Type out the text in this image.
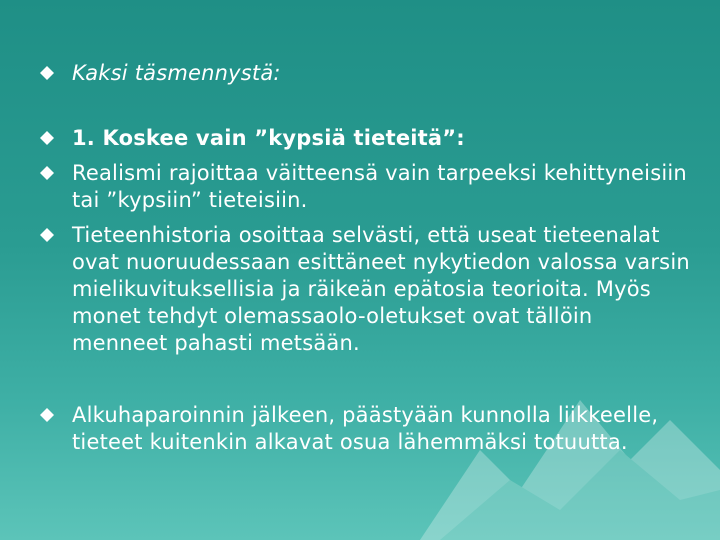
Kaksi täsmennystä:
1. Koskee vain ”kypsiä tieteitä”:
Realismi rajoittaa väitteensä vain tarpeeksi kehittyneisiin tai ”kypsiin” tieteisiin.
Tieteenhistoria osoittaa selvästi, että useat tieteenalat ovat nuoruudessaan esittäneet nykytiedon valossa varsin mielikuvituksellisia ja räikeän epätosia teorioita. Myös monet tehdyt olemassaolo-oletukset ovat tällöin menneet pahasti metsään.
Alkuhaparoinnin jälkeen, päästyään kunnolla liikkeelle, tieteet kuitenkin alkavat osua lähemmäksi totuutta.
